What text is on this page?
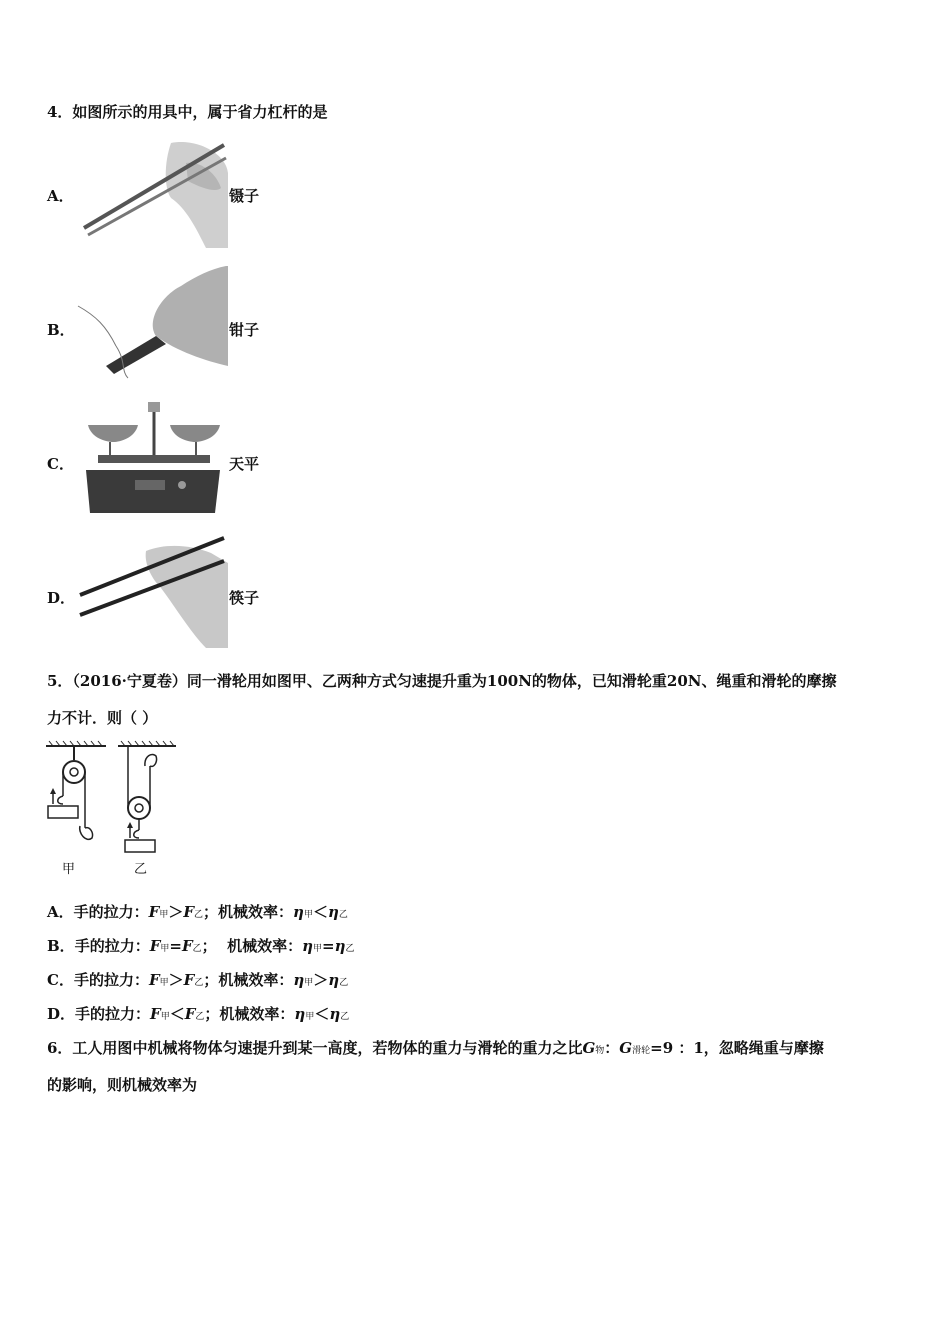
4．如图所示的用具中，属于省力杠杆的是
A．	镊子
B．	钳子
C．	天平
D．	筷子
5．（2016·宁夏卷）同一滑轮用如图甲、乙两种方式匀速提升重为100N的物体，已知滑轮重20N、绳重和滑轮的摩擦
力不计．则（ ）
甲	乙
A．手的拉力：F甲＞F乙；机械效率：η甲＜η乙
B．手的拉力：F甲=F乙；  机械效率：η甲=η乙
C．手的拉力：F甲＞F乙；机械效率：η甲＞η乙
D．手的拉力：F甲＜F乙；机械效率：η甲＜η乙
6．工人用图中机械将物体匀速提升到某一高度，若物体的重力与滑轮的重力之比G物：G滑轮=9 ：1，忽略绳重与摩擦
的影响，则机械效率为
